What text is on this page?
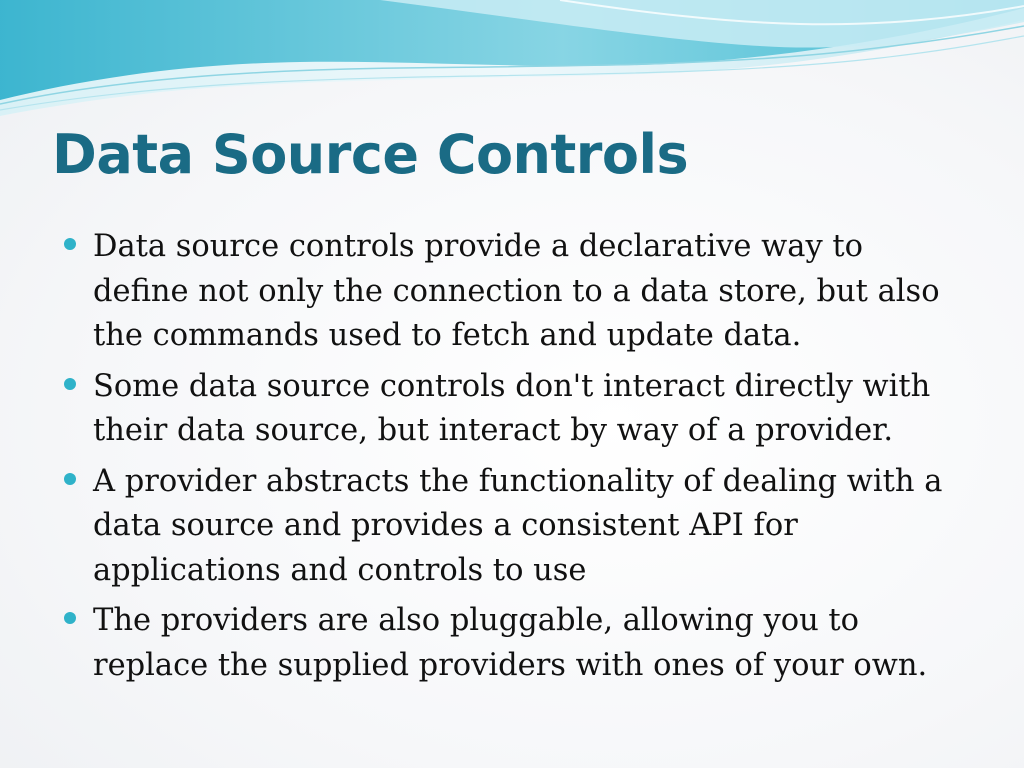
Data Source Controls
Data source controls provide a declarative way to define not only the connection to a data store, but also the commands used to fetch and update data.
Some data source controls don't interact directly with their data source, but interact by way of a provider.
A provider abstracts the functionality of dealing with a data source and provides a consistent API for applications and controls to use
The providers are also pluggable, allowing you to replace the supplied providers with ones of your own.
